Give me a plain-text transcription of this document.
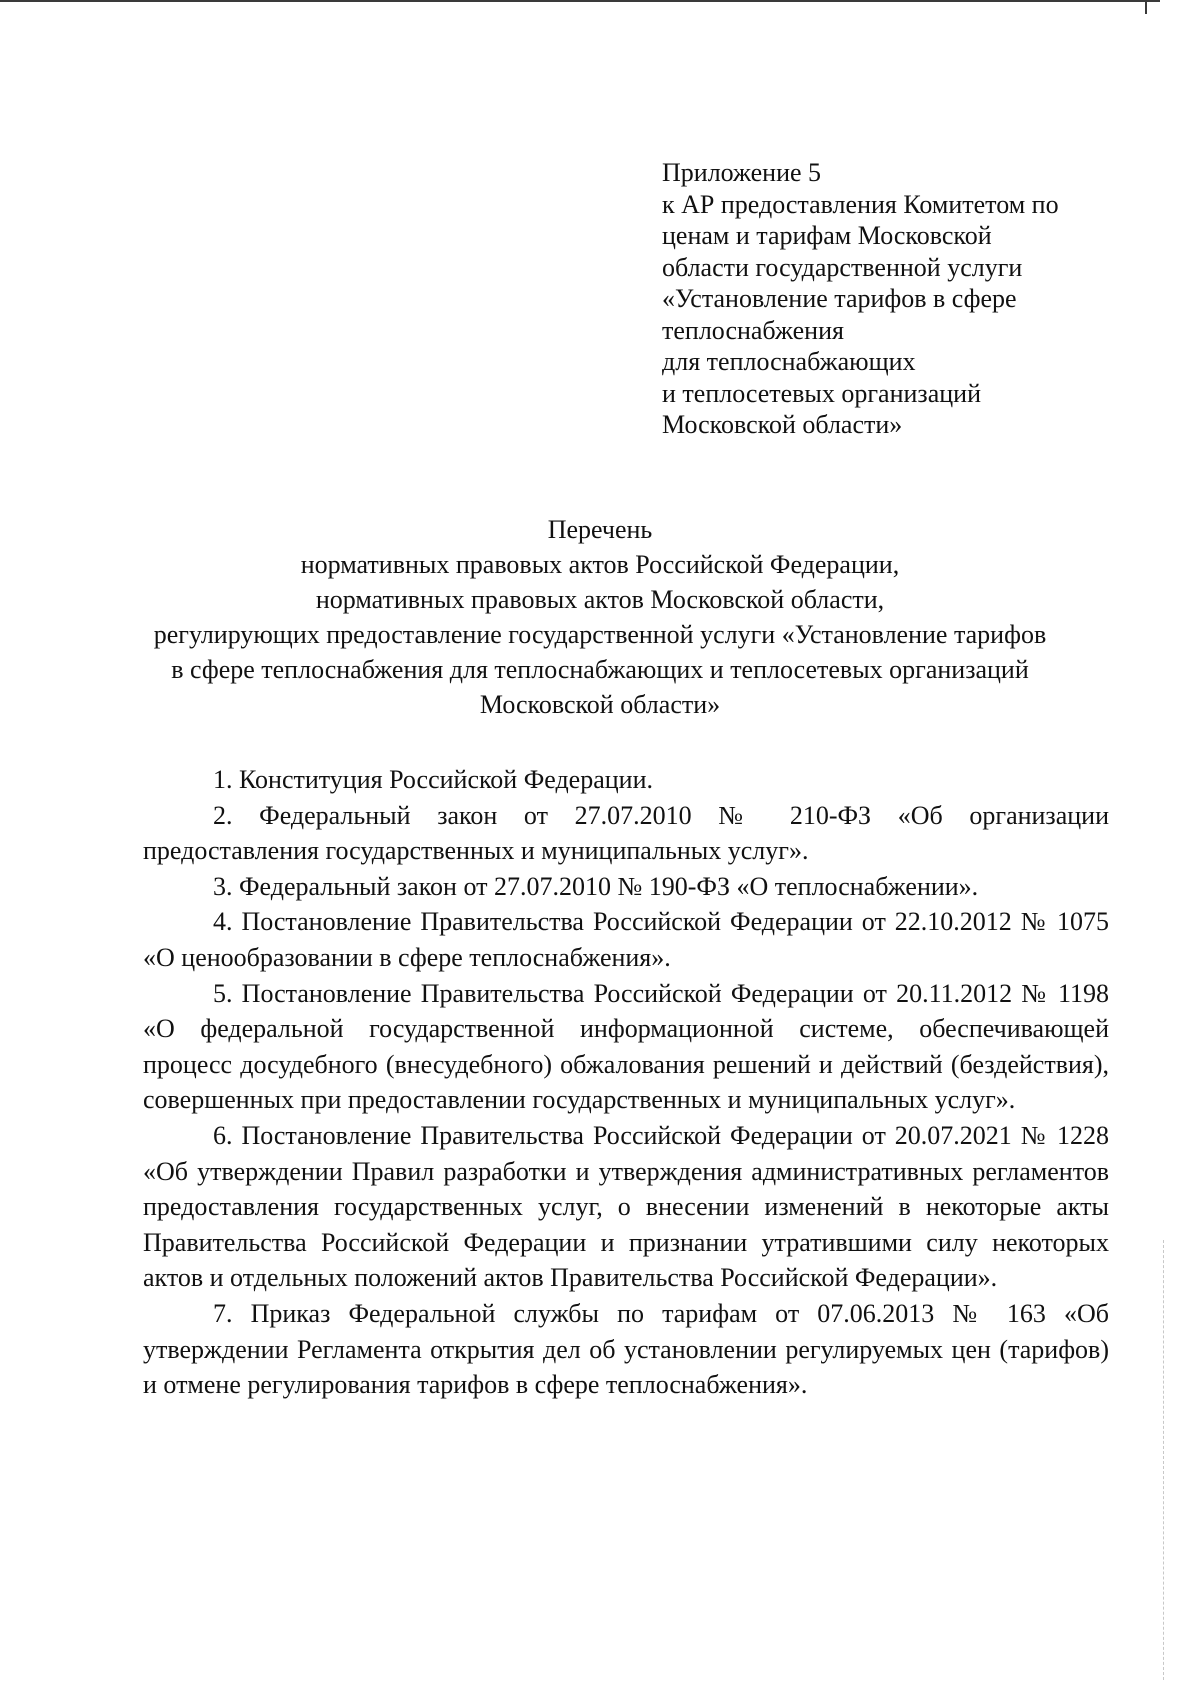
Приложение 5
к АР предоставления Комитетом по
ценам и тарифам Московской
области государственной услуги
«Установление тарифов в сфере
теплоснабжения
для теплоснабжающих
и теплосетевых организаций
Московской области»
Перечень
нормативных правовых актов Российской Федерации,
нормативных правовых актов Московской области,
регулирующих предоставление государственной услуги «Установление тарифов
в сфере теплоснабжения для теплоснабжающих и теплосетевых организаций
Московской области»

1. Конституция Российской Федерации.

2. Федеральный закон от 27.07.2010 № 210-ФЗ «Об организации предоставления государственных и муниципальных услуг».

3. Федеральный закон от 27.07.2010 № 190-ФЗ «О теплоснабжении».

4. Постановление Правительства Российской Федерации от 22.10.2012 № 1075 «О ценообразовании в сфере теплоснабжения».

5. Постановление Правительства Российской Федерации от 20.11.2012 № 1198 «О федеральной государственной информационной системе, обеспечивающей процесс досудебного (внесудебного) обжалования решений и действий (бездействия), совершенных при предоставлении государственных и муниципальных услуг».

6. Постановление Правительства Российской Федерации от 20.07.2021 № 1228 «Об утверждении Правил разработки и утверждения административных регламентов предоставления государственных услуг, о внесении изменений в некоторые акты Правительства Российской Федерации и признании утратившими силу некоторых актов и отдельных положений актов Правительства Российской Федерации».

7. Приказ Федеральной службы по тарифам от 07.06.2013 № 163 «Об утверждении Регламента открытия дел об установлении регулируемых цен (тарифов) и отмене регулирования тарифов в сфере теплоснабжения».
